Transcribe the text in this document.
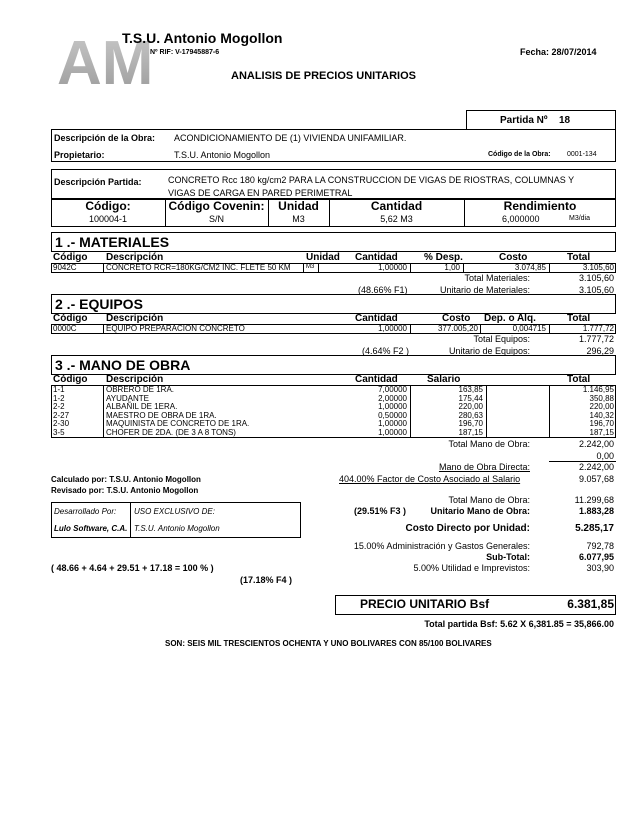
AM
T.S.U. Antonio Mogollon
Nº RIF: V-17945887-6	Fecha: 28/07/2014
ANALISIS DE PRECIOS UNITARIOS
Partida Nº 18
Descripción de la Obra: ACONDICIONAMIENTO DE (1) VIVIENDA UNIFAMILIAR.
Propietario:	T.S.U. Antonio Mogollon	Código de la Obra: 0001-134
Descripción Partida:	CONCRETO Rcc 180 kg/cm2 PARA LA CONSTRUCCION DE VIGAS DE RIOSTRAS, COLUMNAS Y
VIGAS DE CARGA EN PARED PERIMETRAL
Código:	Código Covenin:	Unidad	Cantidad	Rendimiento
100004-1	S/N	M3	5,62 M3	6,000000	M3/dia
1 .- MATERIALES
Código Descripción	Unidad Cantidad	% Desp.	Costo	Total
9042C	CONCRETO RCR=180KG/CM2 INC. FLETE 50 KM	M3	1,00000	1,00	3.074,85	3.105,60
Total Materiales:	3.105,60
(48.66% F1)	Unitario de Materiales:	3.105,60
2 .- EQUIPOS
Código Descripción	Cantidad	Costo Dep. o Alq.	Total
0000C	EQUIPO PREPARACION CONCRETO	1,00000	377.005,20	0,004715	1.777,72
Total Equipos:	1.777,72
(4.64% F2 )	Unitario de Equipos:	296,29
3 .- MANO DE OBRA
Código Descripción	Cantidad	Salario	Total
1-1	OBRERO DE 1RA.	7,00000	163,85	1.146,95
1-2	AYUDANTE	2,00000	175,44	350,88
2-2	ALBAÑIL DE 1ERA.	1,00000	220,00	220,00
2-27	MAESTRO DE OBRA DE 1RA.	0,50000	280,63	140,32
2-30	MAQUINISTA DE CONCRETO DE 1RA.	1,00000	196,70	196,70
3-5	CHOFER DE 2DA. (DE 3 A 8 TONS)	1,00000	187,15	187,15
Total Mano de Obra:	2.242,00
0,00
Mano de Obra Directa:	2.242,00
404.00% Factor de Costo Asociado al Salario	9.057,68
Calculado por: T.S.U. Antonio Mogollon
Revisado por: T.S.U. Antonio Mogollon
Total Mano de Obra:	11.299,68
(29.51% F3 )	Unitario Mano de Obra:	1.883,28
Desarrollado Por: USO EXCLUSIVO DE:
Lulo Software, C.A. T.S.U. Antonio Mogollon	Costo Directo por Unidad:	5.285,17
15.00% Administración y Gastos Generales:	792,78
Sub-Total:	6.077,95
( 48.66 + 4.64 + 29.51 + 17.18 = 100 % )	5.00% Utilidad e Imprevistos:	303,90
(17.18% F4 )
PRECIO UNITARIO Bsf	6.381,85
Total partida Bsf: 5.62 X 6,381.85 = 35,866.00
SON: SEIS MIL TRESCIENTOS OCHENTA Y UNO BOLIVARES CON 85/100 BOLIVARES
